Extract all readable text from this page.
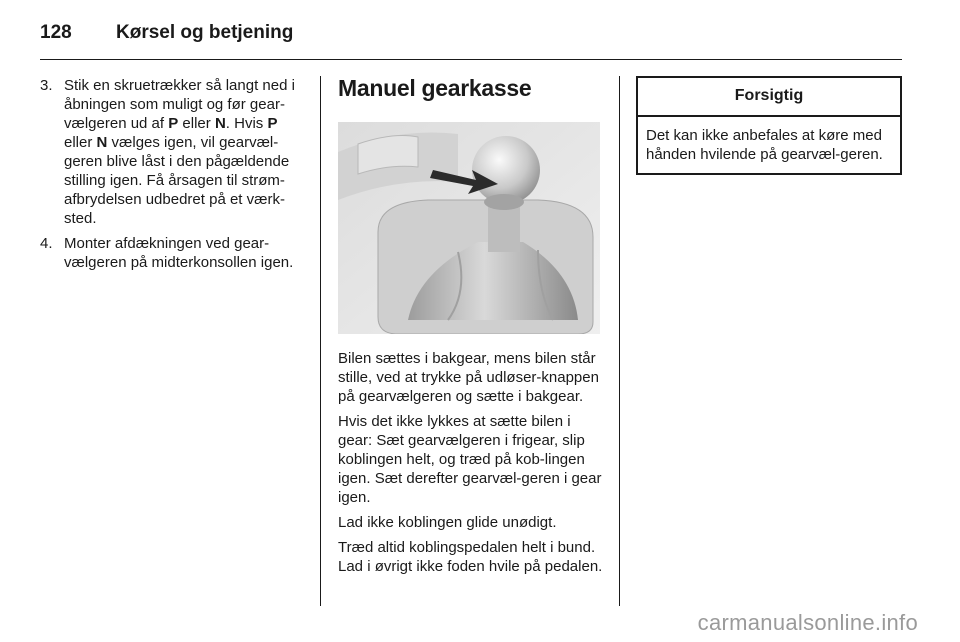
128	Kørsel og betjening
3. Stik en skruetrækker så langt ned i åbningen som muligt og før gear-vælgeren ud af P eller N. Hvis P eller N vælges igen, vil gearvæl-geren blive låst i den pågældende stilling igen. Få årsagen til strøm-afbrydelsen udbedret på et værk-sted.
4. Monter afdækningen ved gear-vælgeren på midterkonsollen igen.
Manuel gearkasse

Bilen sættes i bakgear, mens bilen står stille, ved at trykke på udløser-knappen på gearvælgeren og sætte i bakgear.

Hvis det ikke lykkes at sætte bilen i gear: Sæt gearvælgeren i frigear, slip koblingen helt, og træd på kob-lingen igen. Sæt derefter gearvæl-geren i gear igen.

Lad ikke koblingen glide unødigt.

Træd altid koblingspedalen helt i bund. Lad i øvrigt ikke foden hvile på pedalen.

Forsigtig
Det kan ikke anbefales at køre med hånden hvilende på gearvæl-geren.
carmanualsonline.info
